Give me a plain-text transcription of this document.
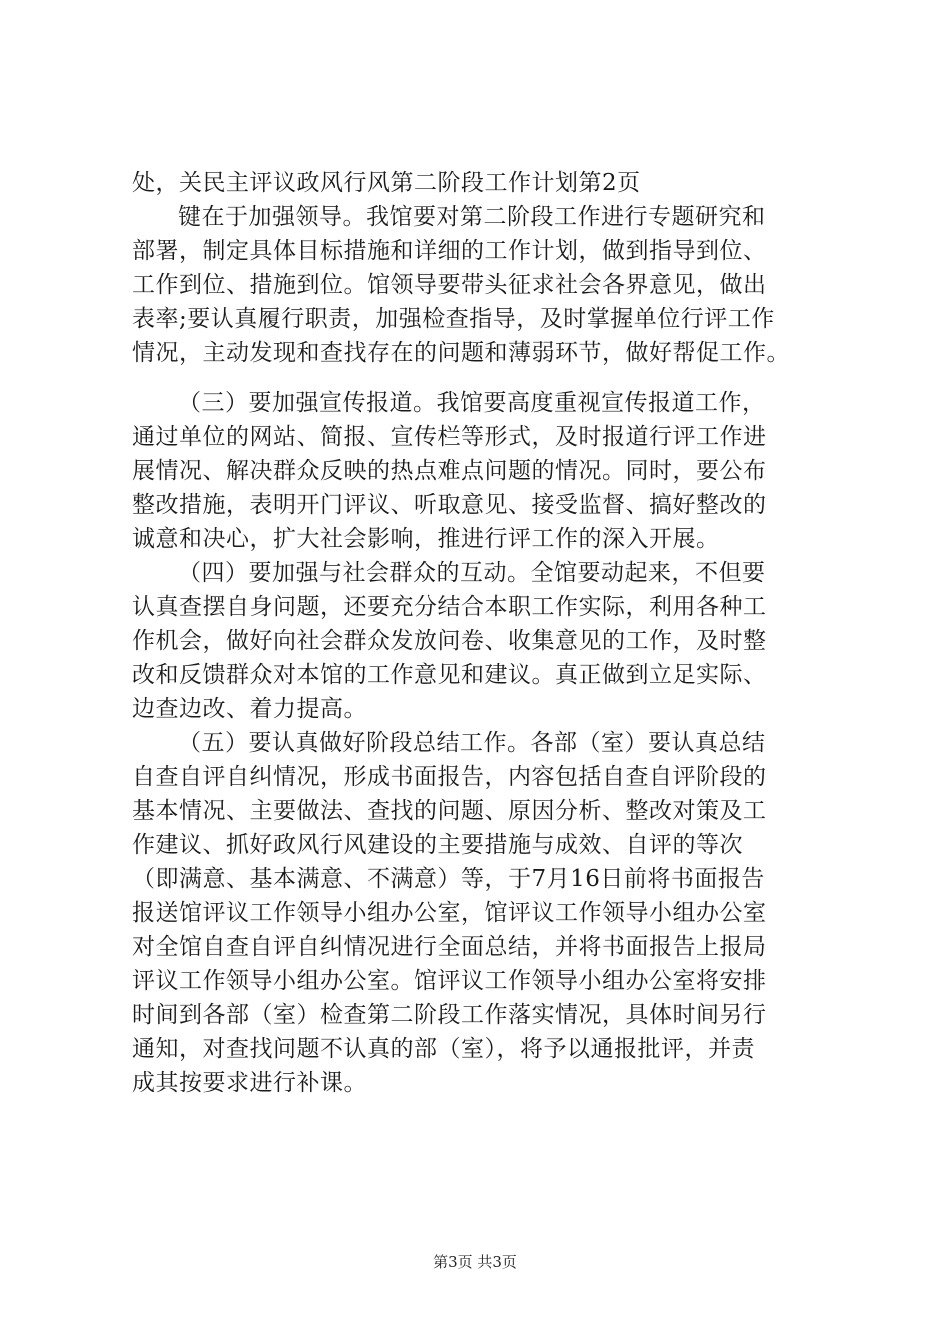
处，关民主评议政风行风第二阶段工作计划第2页
键在于加强领导。我馆要对第二阶段工作进行专题研究和
部署，制定具体目标措施和详细的工作计划，做到指导到位、
工作到位、措施到位。馆领导要带头征求社会各界意见，做出
表率;要认真履行职责，加强检查指导，及时掌握单位行评工作
情况，主动发现和查找存在的问题和薄弱环节，做好帮促工作。
（三）要加强宣传报道。我馆要高度重视宣传报道工作，
通过单位的网站、简报、宣传栏等形式，及时报道行评工作进
展情况、解决群众反映的热点难点问题的情况。同时，要公布
整改措施，表明开门评议、听取意见、接受监督、搞好整改的
诚意和决心，扩大社会影响，推进行评工作的深入开展。
（四）要加强与社会群众的互动。全馆要动起来，不但要
认真查摆自身问题，还要充分结合本职工作实际，利用各种工
作机会，做好向社会群众发放问卷、收集意见的工作，及时整
改和反馈群众对本馆的工作意见和建议。真正做到立足实际、
边查边改、着力提高。
（五）要认真做好阶段总结工作。各部（室）要认真总结
自查自评自纠情况，形成书面报告，内容包括自查自评阶段的
基本情况、主要做法、查找的问题、原因分析、整改对策及工
作建议、抓好政风行风建设的主要措施与成效、自评的等次
（即满意、基本满意、不满意）等，于7月16日前将书面报告
报送馆评议工作领导小组办公室，馆评议工作领导小组办公室
对全馆自查自评自纠情况进行全面总结，并将书面报告上报局
评议工作领导小组办公室。馆评议工作领导小组办公室将安排
时间到各部（室）检查第二阶段工作落实情况，具体时间另行
通知，对查找问题不认真的部（室），将予以通报批评，并责
成其按要求进行补课。
第3页 共3页
